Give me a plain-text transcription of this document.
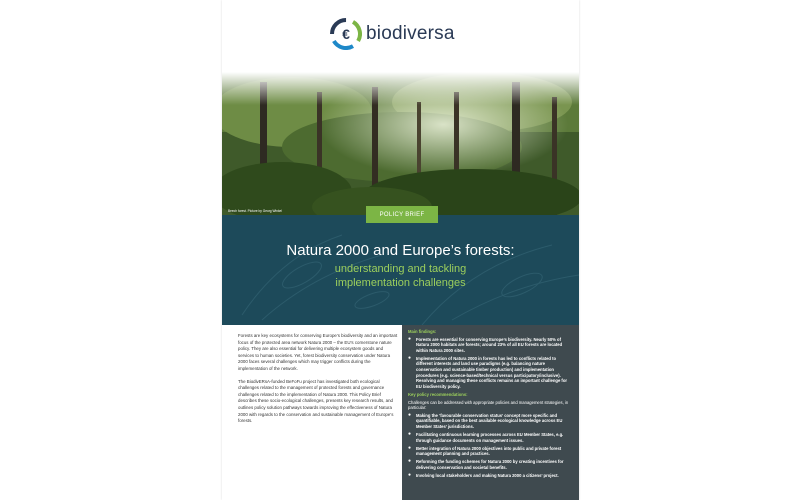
€ biodiversa
Beech forest. Picture by Georg Winkel
POLICY BRIEF
Natura 2000 and Europe’s forests:
understanding and tackling
implementation challenges

Forests are key ecosystems for conserving Europe’s biodiversity and an important focus of the protected area network Natura 2000 – the EU’s cornerstone nature policy. They are also essential for delivering multiple ecosystem goods and services to human societies. Yet, forest biodiversity conservation under Natura 2000 faces several challenges which may trigger conflicts during the implementation of the network.

The BiodivERsA-funded BeFoFu project has investigated both ecological challenges related to the management of protected forests and governance challenges related to the implementation of Natura 2000. This Policy Brief describes these socio-ecological challenges, presents key research results, and outlines policy solution pathways towards improving the effectiveness of Natura 2000 with regards to the conservation and sustainable management of Europe’s forests.

Main findings:
● Forests are essential for conserving Europe’s biodiversity. Nearly 50% of Natura 2000 habitats are forests; around 23% of all EU forests are located within Natura 2000 sites.
● Implementation of Natura 2000 in forests has led to conflicts related to different interests and land use paradigms (e.g. balancing nature conservation and sustainable timber production) and implementation procedures (e.g. science-based/technical versus participatory/inclusive). Resolving and managing these conflicts remains an important challenge for EU biodiversity policy.
Key policy recommendations:
Challenges can be addressed with appropriate policies and management strategies, in particular:
● Making the ‘favourable conservation status’ concept more specific and quantifiable, based on the best available ecological knowledge across EU Member States’ jurisdictions.
● Facilitating continuous learning processes across EU Member States, e.g. through guidance documents on management issues.
● Better integration of Natura 2000 objectives into public and private forest management planning and practices.
● Reforming the funding schemes for Natura 2000 by creating incentives for delivering conservation and societal benefits.
● Involving local stakeholders and making Natura 2000 a citizens’ project.
